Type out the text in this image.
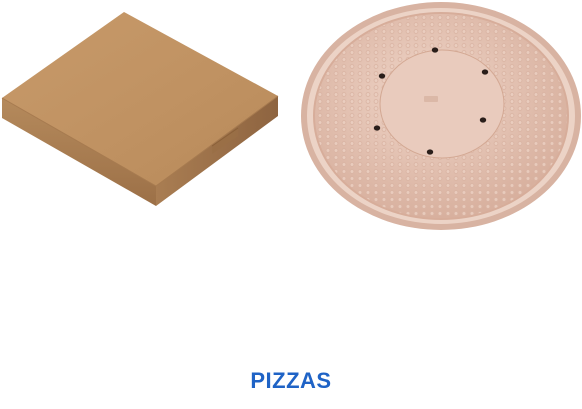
PIZZAS
